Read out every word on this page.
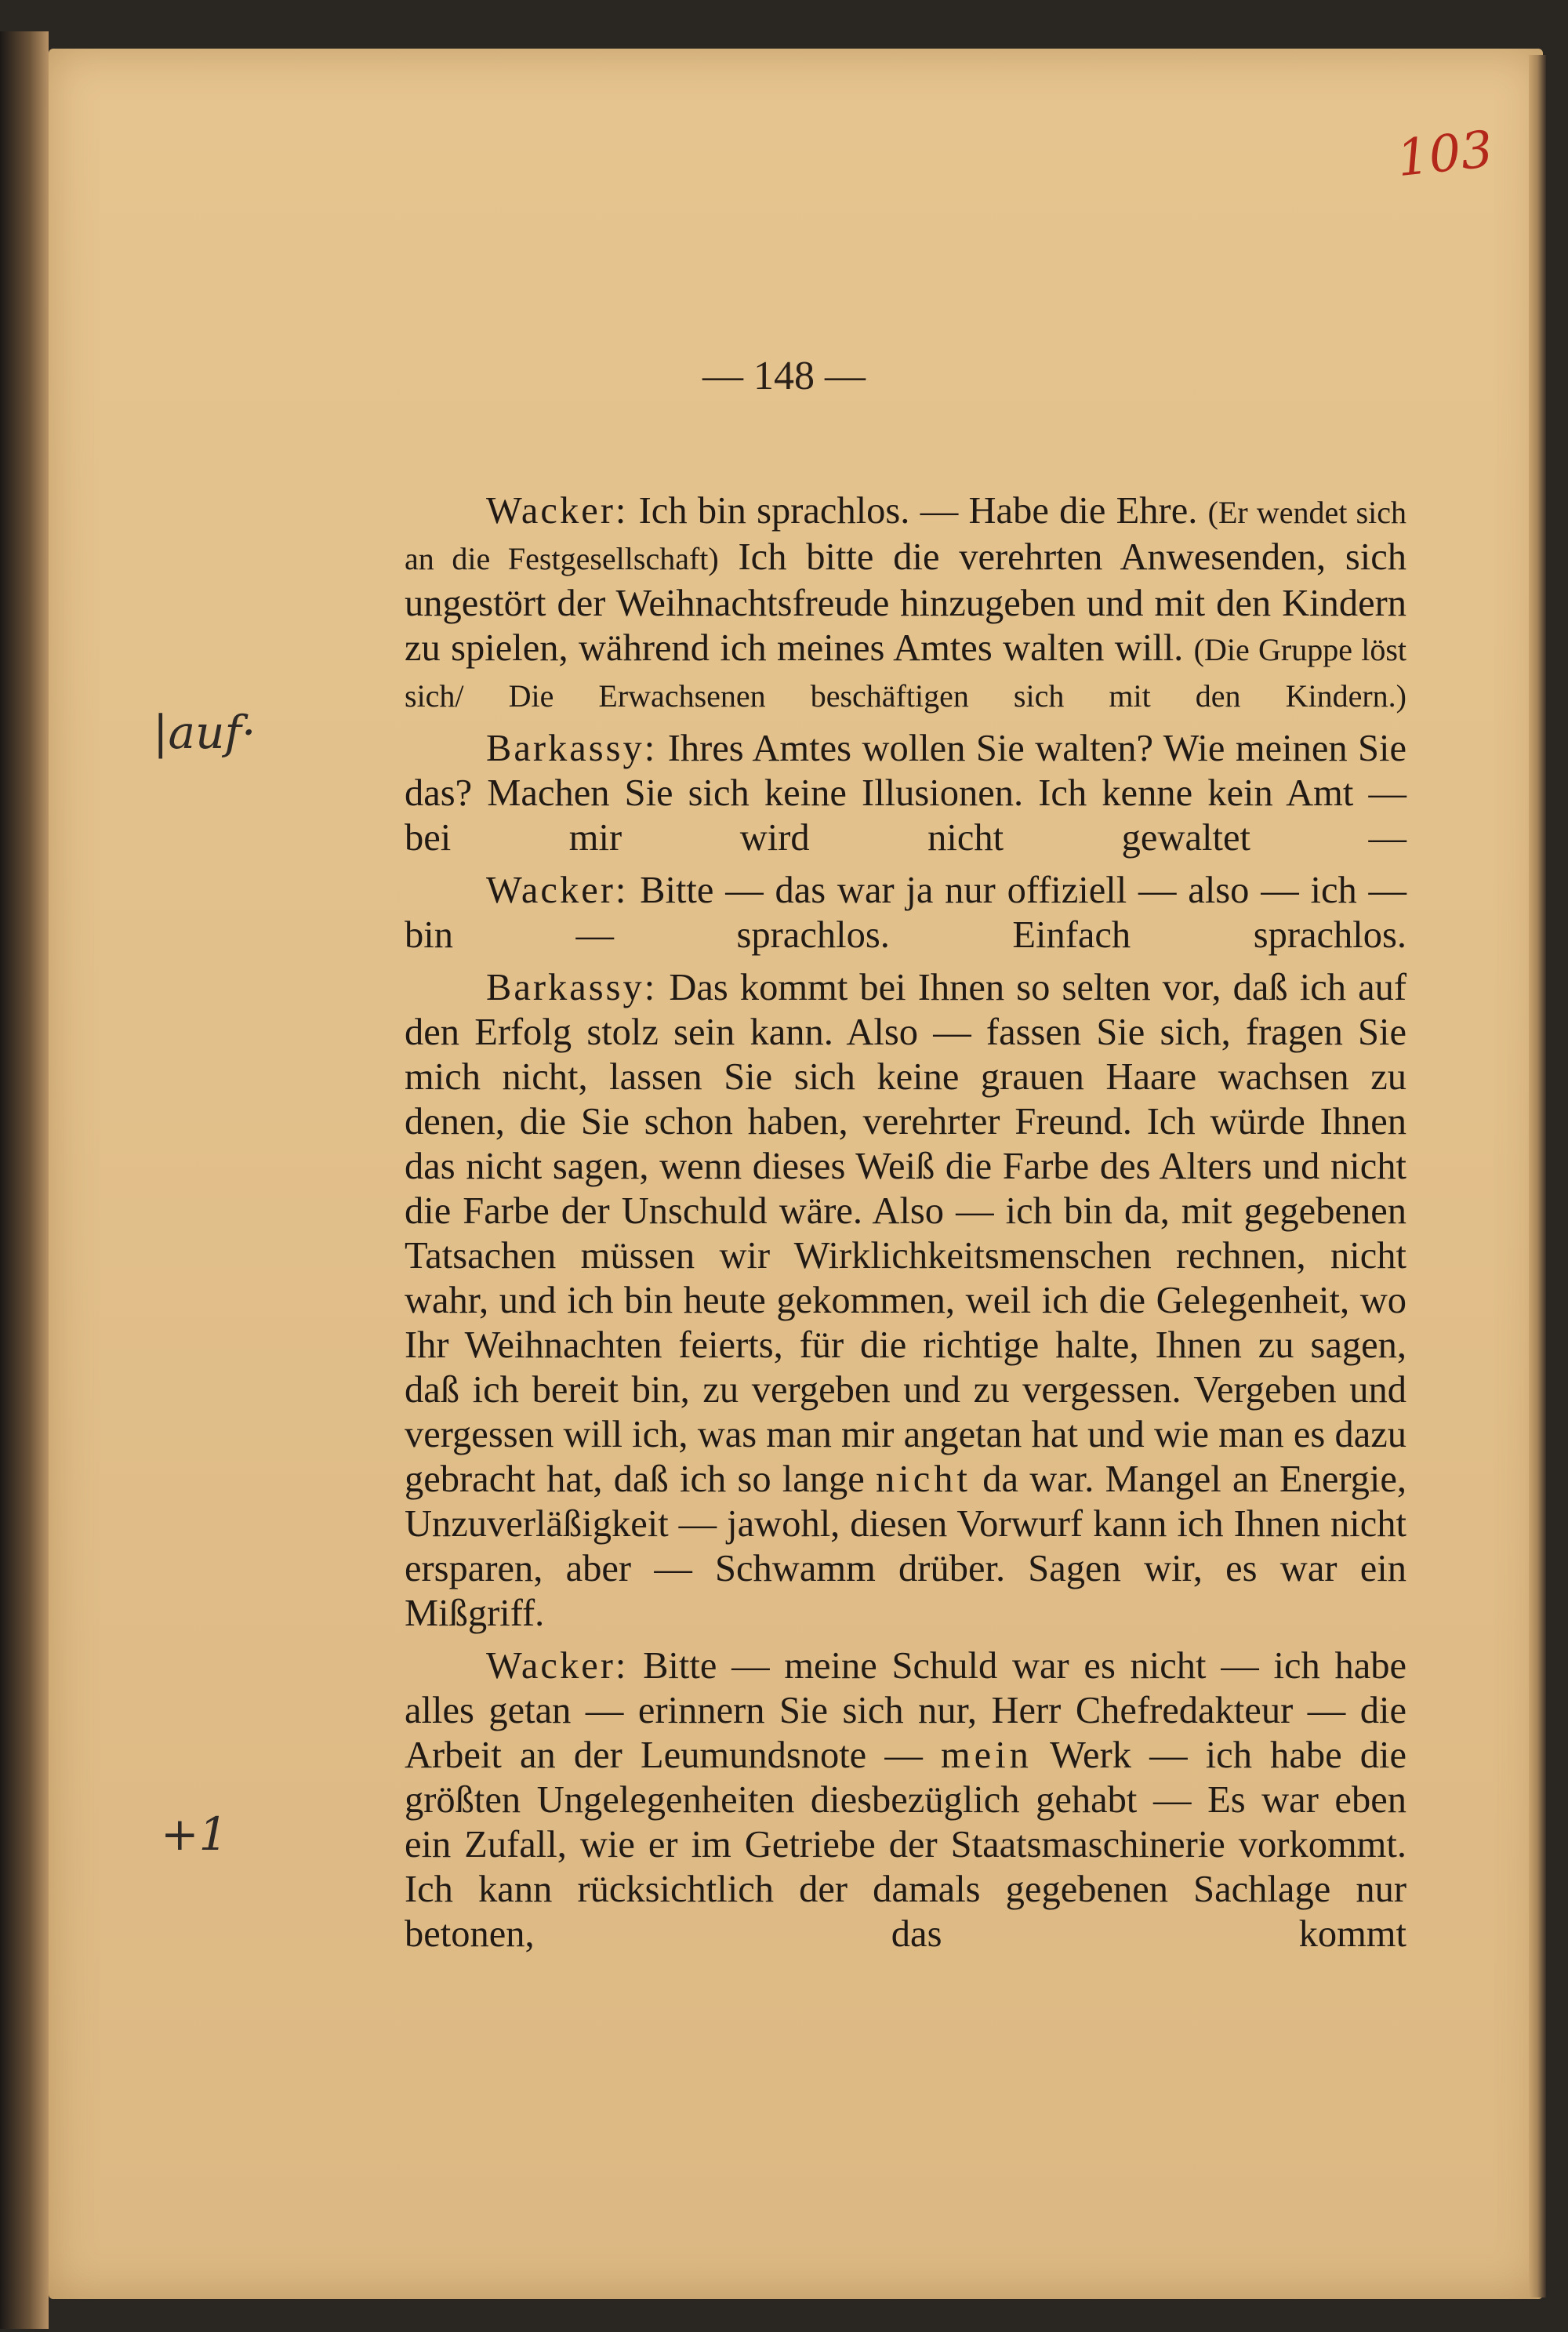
103
— 148 —
|auf·
+1

Wacker: Ich bin sprachlos. — Habe die Ehre. (Er wendet sich an die Festgesellschaft) Ich bitte die verehrten Anwesenden, sich ungestört der Weihnachtsfreude hinzugeben und mit den Kindern zu spielen, während ich meines Amtes walten will. (Die Gruppe löst sich/ Die Erwachsenen beschäftigen sich mit den Kindern.)

Barkassy: Ihres Amtes wollen Sie walten? Wie meinen Sie das? Machen Sie sich keine Illusionen. Ich kenne kein Amt — bei mir wird nicht gewaltet —

Wacker: Bitte — das war ja nur offiziell — also — ich — bin — sprachlos. Einfach sprachlos.

Barkassy: Das kommt bei Ihnen so selten vor, daß ich auf den Erfolg stolz sein kann. Also — fassen Sie sich, fragen Sie mich nicht, lassen Sie sich keine grauen Haare wachsen zu denen, die Sie schon haben, verehrter Freund. Ich würde Ihnen das nicht sagen, wenn dieses Weiß die Farbe des Alters und nicht die Farbe der Unschuld wäre. Also — ich bin da, mit gegebenen Tatsachen müssen wir Wirklichkeitsmenschen rechnen, nicht wahr, und ich bin heute gekommen, weil ich die Gelegenheit, wo Ihr Weihnachten feierts, für die richtige halte, Ihnen zu sagen, daß ich bereit bin, zu vergeben und zu vergessen. Vergeben und vergessen will ich, was man mir angetan hat und wie man es dazu gebracht hat, daß ich so lange nicht da war. Mangel an Energie, Unzuverläßigkeit — jawohl, diesen Vorwurf kann ich Ihnen nicht ersparen, aber — Schwamm drüber. Sagen wir, es war ein Mißgriff.

Wacker: Bitte — meine Schuld war es nicht — ich habe alles getan — erinnern Sie sich nur, Herr Chefredakteur — die Arbeit an der Leumundsnote — mein Werk — ich habe die größten Ungelegenheiten diesbezüglich gehabt — Es war eben ein Zufall, wie er im Getriebe der Staatsmaschinerie vorkommt. Ich kann rücksichtlich der damals gegebenen Sachlage nur betonen, das kommt
